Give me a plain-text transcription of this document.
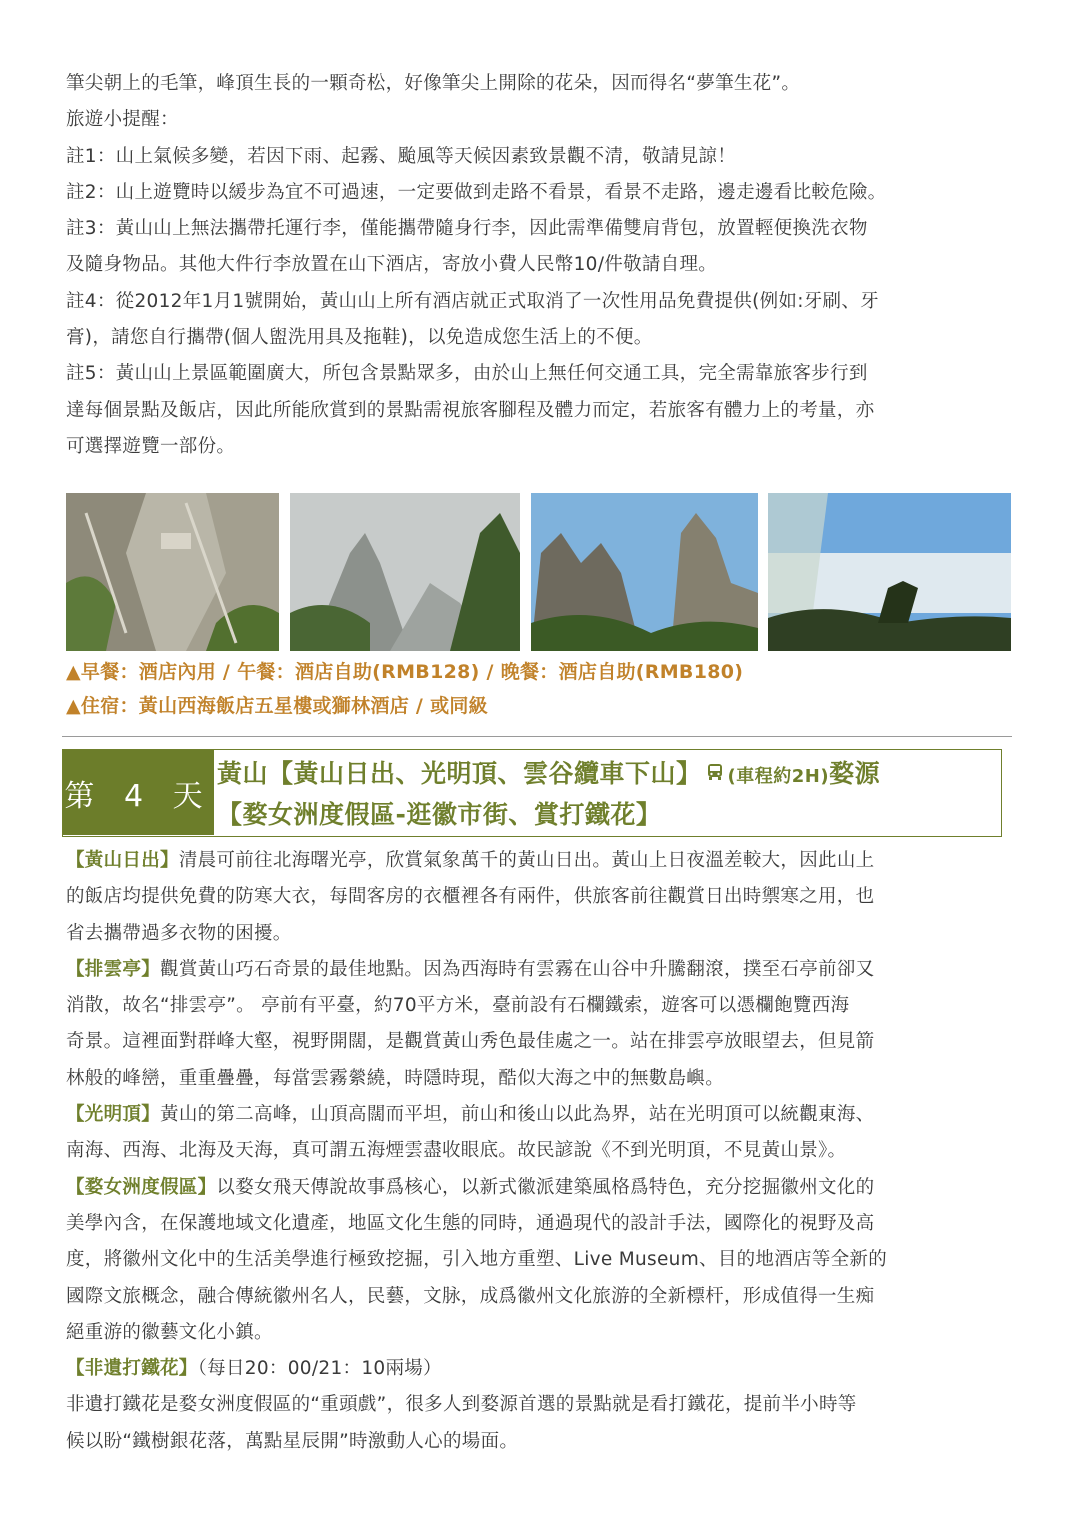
筆尖朝上的毛筆，峰頂生長的一顆奇松，好像筆尖上開除的花朵，因而得名“夢筆生花”。

旅遊小提醒：

註1：山上氣候多變，若因下雨、起霧、颱風等天候因素致景觀不清，敬請見諒！

註2：山上遊覽時以緩步為宜不可過速，一定要做到走路不看景，看景不走路，邊走邊看比較危險。

註3：黃山山上無法攜帶托運行李，僅能攜帶隨身行李，因此需準備雙肩背包，放置輕便換洗衣物

及隨身物品。其他大件行李放置在山下酒店，寄放小費人民幣10/件敬請自理。

註4：從2012年1月1號開始，黃山山上所有酒店就正式取消了一次性用品免費提供(例如:牙刷、牙

膏)，請您自行攜帶(個人盥洗用具及拖鞋)，以免造成您生活上的不便。

註5：黃山山上景區範圍廣大，所包含景點眾多，由於山上無任何交通工具，完全需靠旅客步行到

達每個景點及飯店，因此所能欣賞到的景點需視旅客腳程及體力而定，若旅客有體力上的考量，亦

可選擇遊覽一部份。

▲早餐：酒店內用 / 午餐：酒店自助(RMB128) / 晚餐：酒店自助(RMB180)
▲住宿：黃山西海飯店五星樓或獅林酒店 / 或同級
第 4 天
黃山【黃山日出、光明頂、雲谷纜車下山】 (車程約2H)婺源
【婺女洲度假區-逛徽市街、賞打鐵花】

【黃山日出】清晨可前往北海曙光亭，欣賞氣象萬千的黃山日出。黃山上日夜溫差較大，因此山上

的飯店均提供免費的防寒大衣，每間客房的衣櫃裡各有兩件，供旅客前往觀賞日出時禦寒之用，也

省去攜帶過多衣物的困擾。

【排雲亭】觀賞黃山巧石奇景的最佳地點。因為西海時有雲霧在山谷中升騰翻滾，撲至石亭前卻又

消散，故名“排雲亭”。 亭前有平臺，約70平方米，臺前設有石欄鐵索，遊客可以憑欄飽覽西海

奇景。這裡面對群峰大壑，視野開闊，是觀賞黃山秀色最佳處之一。站在排雲亭放眼望去，但見箭

林般的峰巒，重重疊疊，每當雲霧縈繞，時隱時現，酷似大海之中的無數島嶼。

【光明頂】黃山的第二高峰，山頂高闊而平坦，前山和後山以此為界，站在光明頂可以統觀東海、

南海、西海、北海及天海，真可謂五海煙雲盡收眼底。故民諺說《不到光明頂，不見黃山景》。

【婺女洲度假區】以婺女飛天傳說故事爲核心，以新式徽派建築風格爲特色，充分挖掘徽州文化的

美學內含，在保護地域文化遺產，地區文化生態的同時，通過現代的設計手法，國際化的視野及高

度，將徽州文化中的生活美學進行極致挖掘，引入地方重塑、Live Museum、目的地酒店等全新的

國際文旅概念，融合傳統徽州名人，民藝，文脉，成爲徽州文化旅游的全新標杆，形成值得一生痴

絕重游的徽藝文化小鎮。

【非遺打鐵花】（每日20：00/21：10兩場）

非遺打鐵花是婺女洲度假區的“重頭戲”，很多人到婺源首選的景點就是看打鐵花，提前半小時等

候以盼“鐵樹銀花落，萬點星辰開”時激動人心的場面。
